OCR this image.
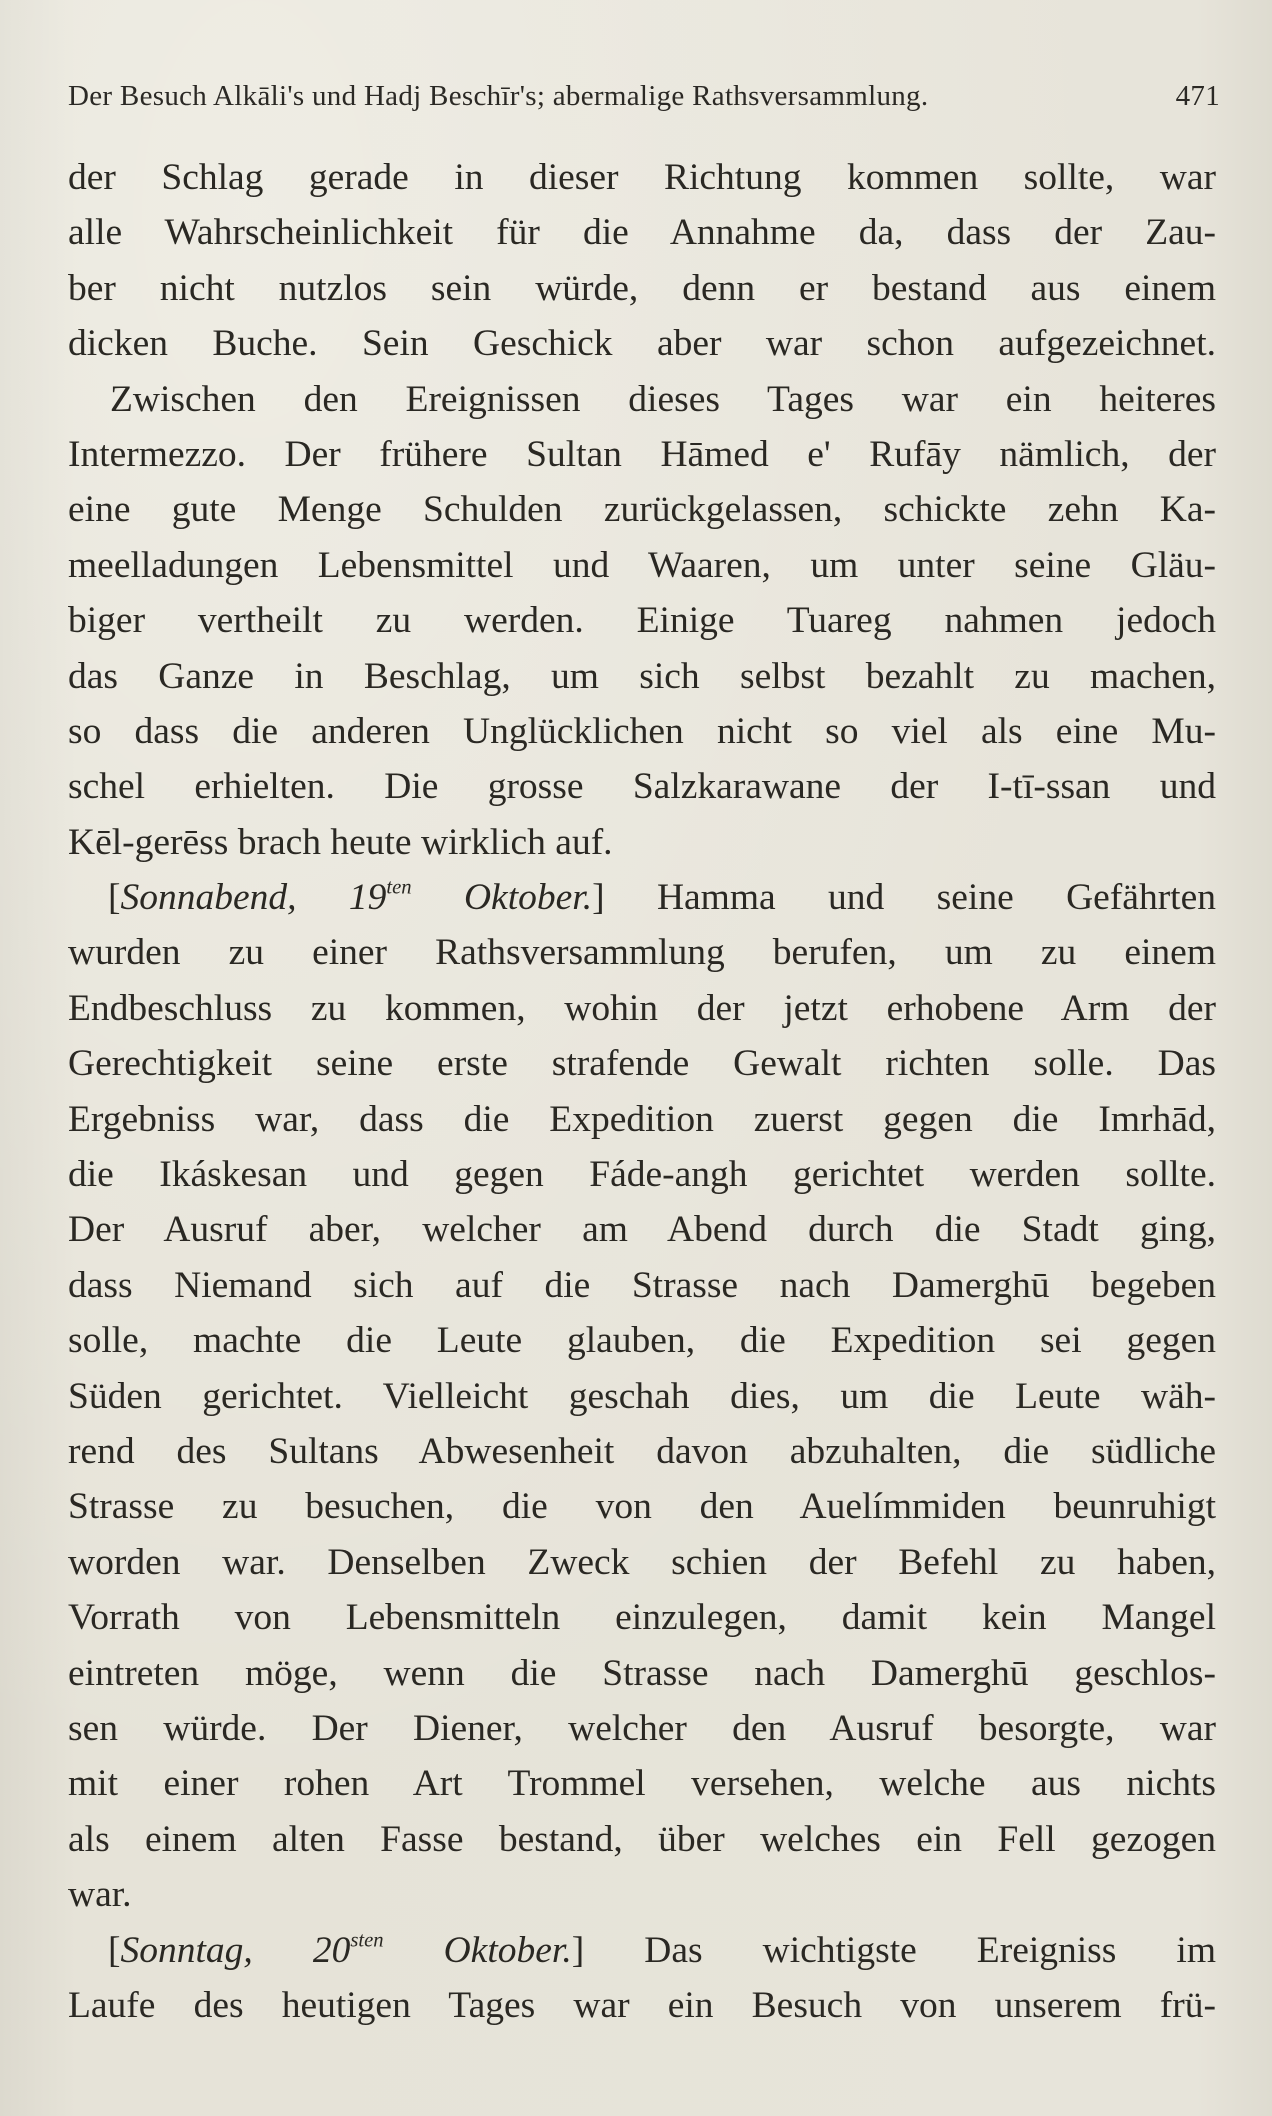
Der Besuch Alkāli's und Hadj Beschīr's; abermalige Rathsversammlung.	471
der Schlag gerade in dieser Richtung kommen sollte, war
alle Wahrscheinlichkeit für die Annahme da, dass der Zau-
ber nicht nutzlos sein würde, denn er bestand aus einem
dicken Buche. Sein Geschick aber war schon aufgezeichnet.
Zwischen den Ereignissen dieses Tages war ein heiteres
Intermezzo. Der frühere Sultan Hāmed e' Rufāy nämlich, der
eine gute Menge Schulden zurückgelassen, schickte zehn Ka-
meelladungen Lebensmittel und Waaren, um unter seine Gläu-
biger vertheilt zu werden. Einige Tuareg nahmen jedoch
das Ganze in Beschlag, um sich selbst bezahlt zu machen,
so dass die anderen Unglücklichen nicht so viel als eine Mu-
schel erhielten. Die grosse Salzkarawane der I-tī-ssan und
Kēl-gerēss brach heute wirklich auf.
[Sonnabend, $19^{ten}$ Oktober.] Hamma und seine Gefährten
wurden zu einer Rathsversammlung berufen, um zu einem
Endbeschluss zu kommen, wohin der jetzt erhobene Arm der
Gerechtigkeit seine erste strafende Gewalt richten solle. Das
Ergebniss war, dass die Expedition zuerst gegen die Imrhād,
die Ikáskesan und gegen Fáde-angh gerichtet werden sollte.
Der Ausruf aber, welcher am Abend durch die Stadt ging,
dass Niemand sich auf die Strasse nach Damerghū begeben
solle, machte die Leute glauben, die Expedition sei gegen
Süden gerichtet. Vielleicht geschah dies, um die Leute wäh-
rend des Sultans Abwesenheit davon abzuhalten, die südliche
Strasse zu besuchen, die von den Auelímmiden beunruhigt
worden war. Denselben Zweck schien der Befehl zu haben,
Vorrath von Lebensmitteln einzulegen, damit kein Mangel
eintreten möge, wenn die Strasse nach Damerghū geschlos-
sen würde. Der Diener, welcher den Ausruf besorgte, war
mit einer rohen Art Trommel versehen, welche aus nichts
als einem alten Fasse bestand, über welches ein Fell gezogen
war.
[Sonntag, $20^{sten}$ Oktober.] Das wichtigste Ereigniss im
Laufe des heutigen Tages war ein Besuch von unserem frü-
